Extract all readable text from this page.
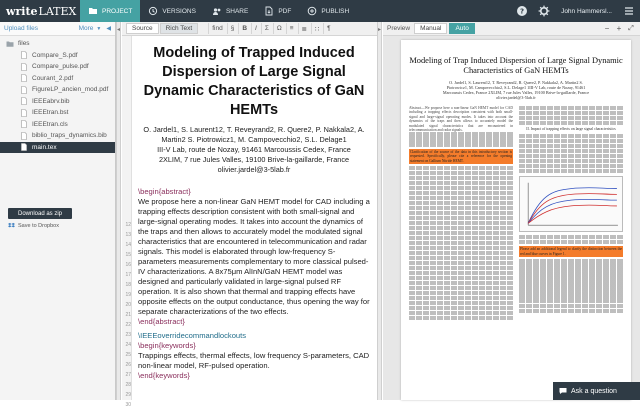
write LATEX	PROJECT	VERSIONS	SHARE	PDF	PUBLISH	?	John Hammersl...
Upload files	More ▼ ◀
files
Compare_S.pdf
Compare_pulse.pdf
Courant_2.pdf
FigureLP_ancien_mod.pdf
IEEEabrv.bib
IEEEtran.bst
IEEEtran.cls
biblio_traps_dynamics.bib
main.tex
Download as zip
Save to Dropbox
◂	Source	Rich Text	find	§	B	I	Σ	Ω	≡	≣	∷	¶
12
13
14
15
16
17
18
19
20
21
22
23
24
25
26
27
28
29
30
Modeling of Trapped Induced Dispersion of Large Signal Dynamic Characteristics of GaN HEMTs
O. Jardel1, S. Laurent12, T. Reveyrand2, R. Quere2, P. Nakkala2, A. Martin2 S. Piotrowicz1, M. Campovecchio2, S.L. Delage1
III-V Lab, route de Nozay, 91461 Marcoussis Cedex, France
2XLIM, 7 rue Jules Valles, 19100 Brive-la-gaillarde, France
olivier.jardel@3-5lab.fr
\begin{abstract}
We propose here a non-linear GaN HEMT model for CAD including a trapping effects description consistent with both small-signal and large-signal operating modes. It takes into account the dynamics of the traps and then allows to accurately model the modulated signal characteristics that are encountered in telecommunication and radar signals. This model is elaborated through low-frequency S-parameters measurements complementary to more classical pulsed-IV characterizations. A 8x75μm AlInN/GaN HEMT model was designed and particularly validated in large-signal pulsed RF operation. It is also shown that thermal and trapping effects have opposite effects on the output conductance, thus opening the way for separate characterizations of the two effects.
\end{abstract}
\IEEEoverridecommandlockouts
\begin{keywords}
Trappings effects, thermal effects, low frequency S-parameters, CAD non-linear model, RF-pulsed operation.
\end{keywords}
▸ Preview	Manual	Auto	− + ⤢
Modeling of Trap Induced Dispersion of Large Signal Dynamic Characteristics of GaN HEMTs
O. Jardel1, S. Laurent12, T. Reveyrand2, R. Quere2, P. Nakkala2, A. Martin2 S. Piotrowicz1, M. Campovecchio2, S.L. Delage1 1III-V Lab, route de Nozay, 91461 Marcoussis Cedex, France 2XLIM, 7 rue Jules Valles, 19100 Brive-la-gaillarde, France olivier.jardel@3-5lab.fr
Abstract—We propose here a non-linear GaN HEMT model for CAD including a trapping effects description consistent with both small-signal and large-signal operating modes. It takes into account the dynamics of the traps and then allows to accurately model the modulated signal characteristics that are encountered in telecommunication and radar signals.
Clarification of the source of the data in this introductory section is requested. Specifically, please cite a reference for the opening statement on Gallium Nitride HEMT.
II. Impact of trapping effects on large signal characteristics
Please add an additional legend to clarify the distinction between the red and blue curves in Figure 1.
Ask a question
